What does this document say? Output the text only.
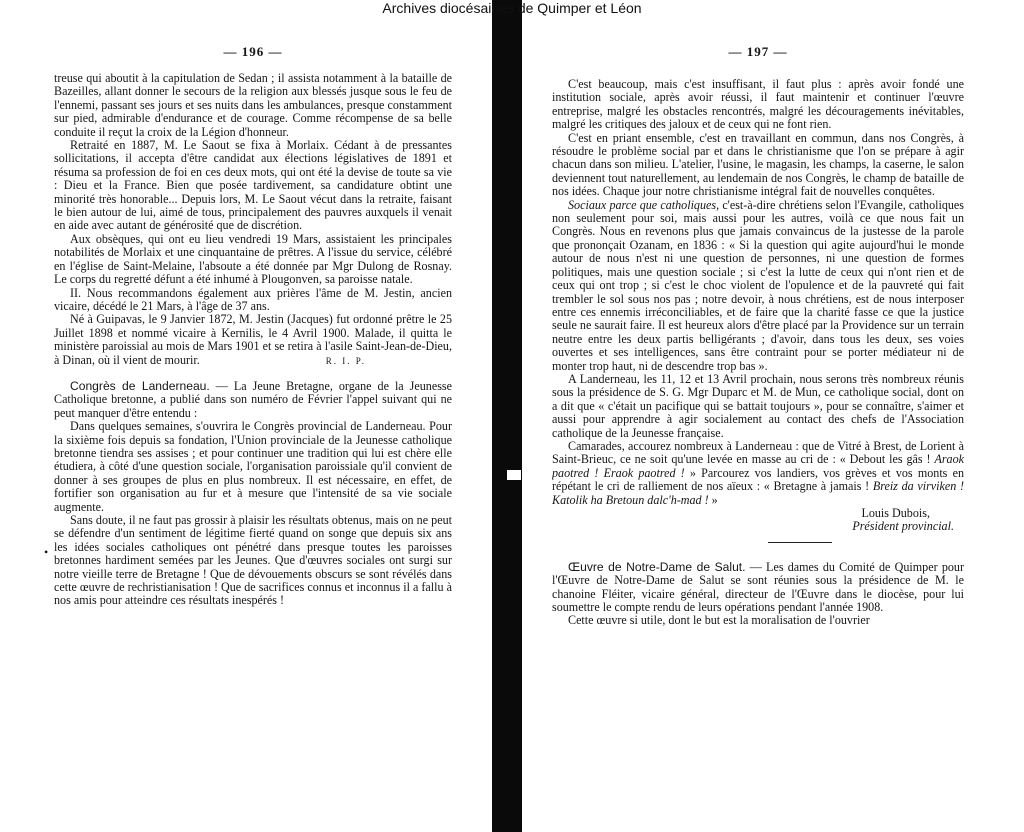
Archives diocésaines de Quimper et Léon
•
— 196 —

treuse qui aboutit à la capitulation de Sedan ; il assista notamment à la bataille de Bazeilles, allant donner le secours de la religion aux blessés jusque sous le feu de l'ennemi, passant ses jours et ses nuits dans les ambulances, presque constamment sur pied, admirable d'endurance et de courage. Comme récompense de sa belle conduite il reçut la croix de la Légion d'honneur.

Retraité en 1887, M. Le Saout se fixa à Morlaix. Cédant à de pressantes sollicitations, il accepta d'être candidat aux élections législatives de 1891 et résuma sa profession de foi en ces deux mots, qui ont été la devise de toute sa vie : Dieu et la France. Bien que posée tardivement, sa candidature obtint une minorité très honorable... Depuis lors, M. Le Saout vécut dans la retraite, faisant le bien autour de lui, aimé de tous, principalement des pauvres auxquels il venait en aide avec autant de générosité que de discrétion.

Aux obsèques, qui ont eu lieu vendredi 19 Mars, assistaient les principales notabilités de Morlaix et une cinquantaine de prêtres. A l'issue du service, célébré en l'église de Saint-Melaine, l'absoute a été donnée par Mgr Dulong de Rosnay. Le corps du regretté défunt a été inhumé à Plougonven, sa paroisse natale.

II. Nous recommandons également aux prières l'âme de M. Jestin, ancien vicaire, décédé le 21 Mars, à l'âge de 37 ans.

Né à Guipavas, le 9 Janvier 1872, M. Jestin (Jacques) fut ordonné prêtre le 25 Juillet 1898 et nommé vicaire à Kernilis, le 4 Avril 1900. Malade, il quitta le ministère paroissial au mois de Mars 1901 et se retira à l'asile Saint-Jean-de-Dieu, à Dinan, où il vient de mourir.	R. I. P.

Congrès de Landerneau. — La Jeune Bretagne, organe de la Jeunesse Catholique bretonne, a publié dans son numéro de Février l'appel suivant qui ne peut manquer d'être entendu :

Dans quelques semaines, s'ouvrira le Congrès provincial de Landerneau. Pour la sixième fois depuis sa fondation, l'Union provinciale de la Jeunesse catholique bretonne tiendra ses assises ; et pour continuer une tradition qui lui est chère elle étudiera, à côté d'une question sociale, l'organisation paroissiale qu'il convient de donner à ses groupes de plus en plus nombreux. Il est nécessaire, en effet, de fortifier son organisation au fur et à mesure que l'intensité de sa vie sociale augmente.

Sans doute, il ne faut pas grossir à plaisir les résultats obtenus, mais on ne peut se défendre d'un sentiment de légitime fierté quand on songe que depuis six ans les idées sociales catholiques ont pénétré dans presque toutes les paroisses bretonnes hardiment semées par les Jeunes. Que d'œuvres sociales ont surgi sur notre vieille terre de Bretagne ! Que de dévouements obscurs se sont révélés dans cette œuvre de rechristianisation ! Que de sacrifices connus et inconnus il a fallu à nos amis pour atteindre ces résultats inespérés !

— 197 —

C'est beaucoup, mais c'est insuffisant, il faut plus : après avoir fondé une institution sociale, après avoir réussi, il faut maintenir et continuer l'œuvre entreprise, malgré les obstacles rencontrés, malgré les découragements inévitables, malgré les critiques des jaloux et de ceux qui ne font rien.

C'est en priant ensemble, c'est en travaillant en commun, dans nos Congrès, à résoudre le problème social par et dans le christianisme que l'on se prépare à agir chacun dans son milieu. L'atelier, l'usine, le magasin, les champs, la caserne, le salon deviennent tout naturellement, au lendemain de nos Congrès, le champ de bataille de nos idées. Chaque jour notre christianisme intégral fait de nouvelles conquêtes.

Sociaux parce que catholiques, c'est-à-dire chrétiens selon l'Evangile, catholiques non seulement pour soi, mais aussi pour les autres, voilà ce que nous fait un Congrès. Nous en revenons plus que jamais convaincus de la justesse de la parole que prononçait Ozanam, en 1836 : « Si la question qui agite aujourd'hui le monde autour de nous n'est ni une question de personnes, ni une question de formes politiques, mais une question sociale ; si c'est la lutte de ceux qui n'ont rien et de ceux qui ont trop ; si c'est le choc violent de l'opulence et de la pauvreté qui fait trembler le sol sous nos pas ; notre devoir, à nous chrétiens, est de nous interposer entre ces ennemis irréconciliables, et de faire que la charité fasse ce que la justice seule ne saurait faire. Il est heureux alors d'être placé par la Providence sur un terrain neutre entre les deux partis belligérants ; d'avoir, dans tous les deux, ses voies ouvertes et ses intelligences, sans être contraint pour se porter médiateur ni de monter trop haut, ni de descendre trop bas ».

A Landerneau, les 11, 12 et 13 Avril prochain, nous serons très nombreux réunis sous la présidence de S. G. Mgr Duparc et M. de Mun, ce catholique social, dont on a dit que « c'était un pacifique qui se battait toujours », pour se connaître, s'aimer et aussi pour apprendre à agir socialement au contact des chefs de l'Association catholique de la Jeunesse française.

Camarades, accourez nombreux à Landerneau : que de Vitré à Brest, de Lorient à Saint-Brieuc, ce ne soit qu'une levée en masse au cri de : « Debout les gâs ! Araok paotred ! Eraok paotred ! » Parcourez vos landiers, vos grèves et vos monts en répétant le cri de ralliement de nos aïeux : « Bretagne à jamais ! Breiz da virviken ! Katolik ha Bretoun dalc'h-mad ! »

Louis Dubois,

Président provincial.

Œuvre de Notre-Dame de Salut. — Les dames du Comité de Quimper pour l'Œuvre de Notre-Dame de Salut se sont réunies sous la présidence de M. le chanoine Fléiter, vicaire général, directeur de l'Œuvre dans le diocèse, pour lui soumettre le compte rendu de leurs opérations pendant l'année 1908.

Cette œuvre si utile, dont le but est la moralisation de l'ouvrier
